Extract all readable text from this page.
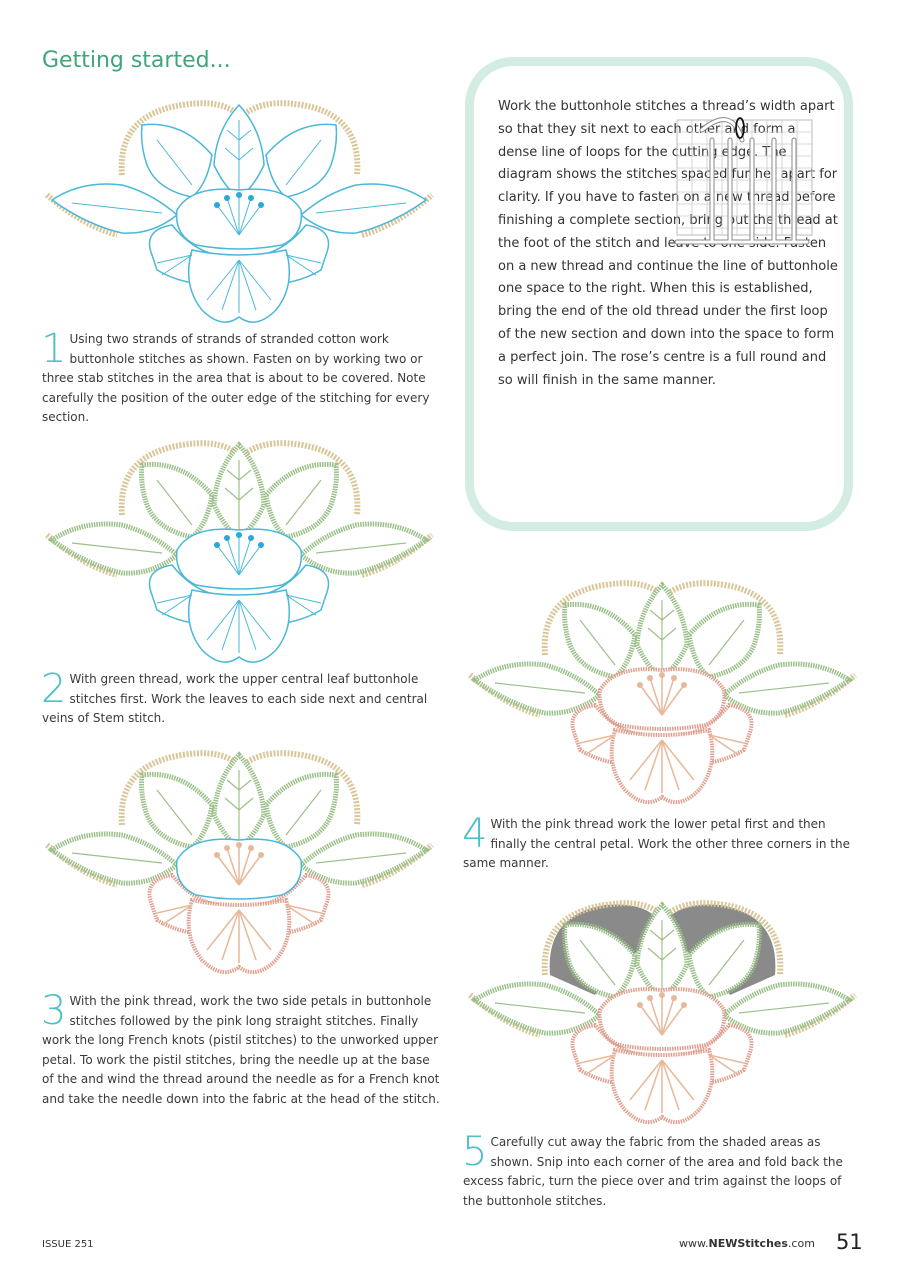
Getting started...
Work the buttonhole stitches a thread’s width apart so that they sit next to each other and form a dense line of loops for the cutting edge. The diagram shows the stitches spaced further apart for clarity. If you have to fasten on a new thread before finishing a complete section, bring out the thread at the foot of the stitch and leave to one side. Fasten on a new thread and continue the line of buttonhole one space to the right. When this is established, bring the end of the old thread under the first loop of the new section and down into the space to form a perfect join. The rose’s centre is a full round and so will finish in the same manner.
1 Using two strands of strands of stranded cotton work buttonhole stitches as shown. Fasten on by working two or three stab stitches in the area that is about to be covered. Note carefully the position of the outer edge of the stitching for every section.
2 With green thread, work the upper central leaf buttonhole stitches first. Work the leaves to each side next and central veins of Stem stitch.
3 With the pink thread, work the two side petals in buttonhole stitches followed by the pink long straight stitches. Finally work the long French knots (pistil stitches) to the unworked upper petal. To work the pistil stitches, bring the needle up at the base of the and wind the thread around the needle as for a French knot and take the needle down into the fabric at the head of the stitch.
4 With the pink thread work the lower petal first and then finally the central petal. Work the other three corners in the same manner.
5 Carefully cut away the fabric from the shaded areas as shown. Snip into each corner of the area and fold back the excess fabric, turn the piece over and trim against the loops of the buttonhole stitches.
ISSUE 251	www.NEWStitches.com 51
